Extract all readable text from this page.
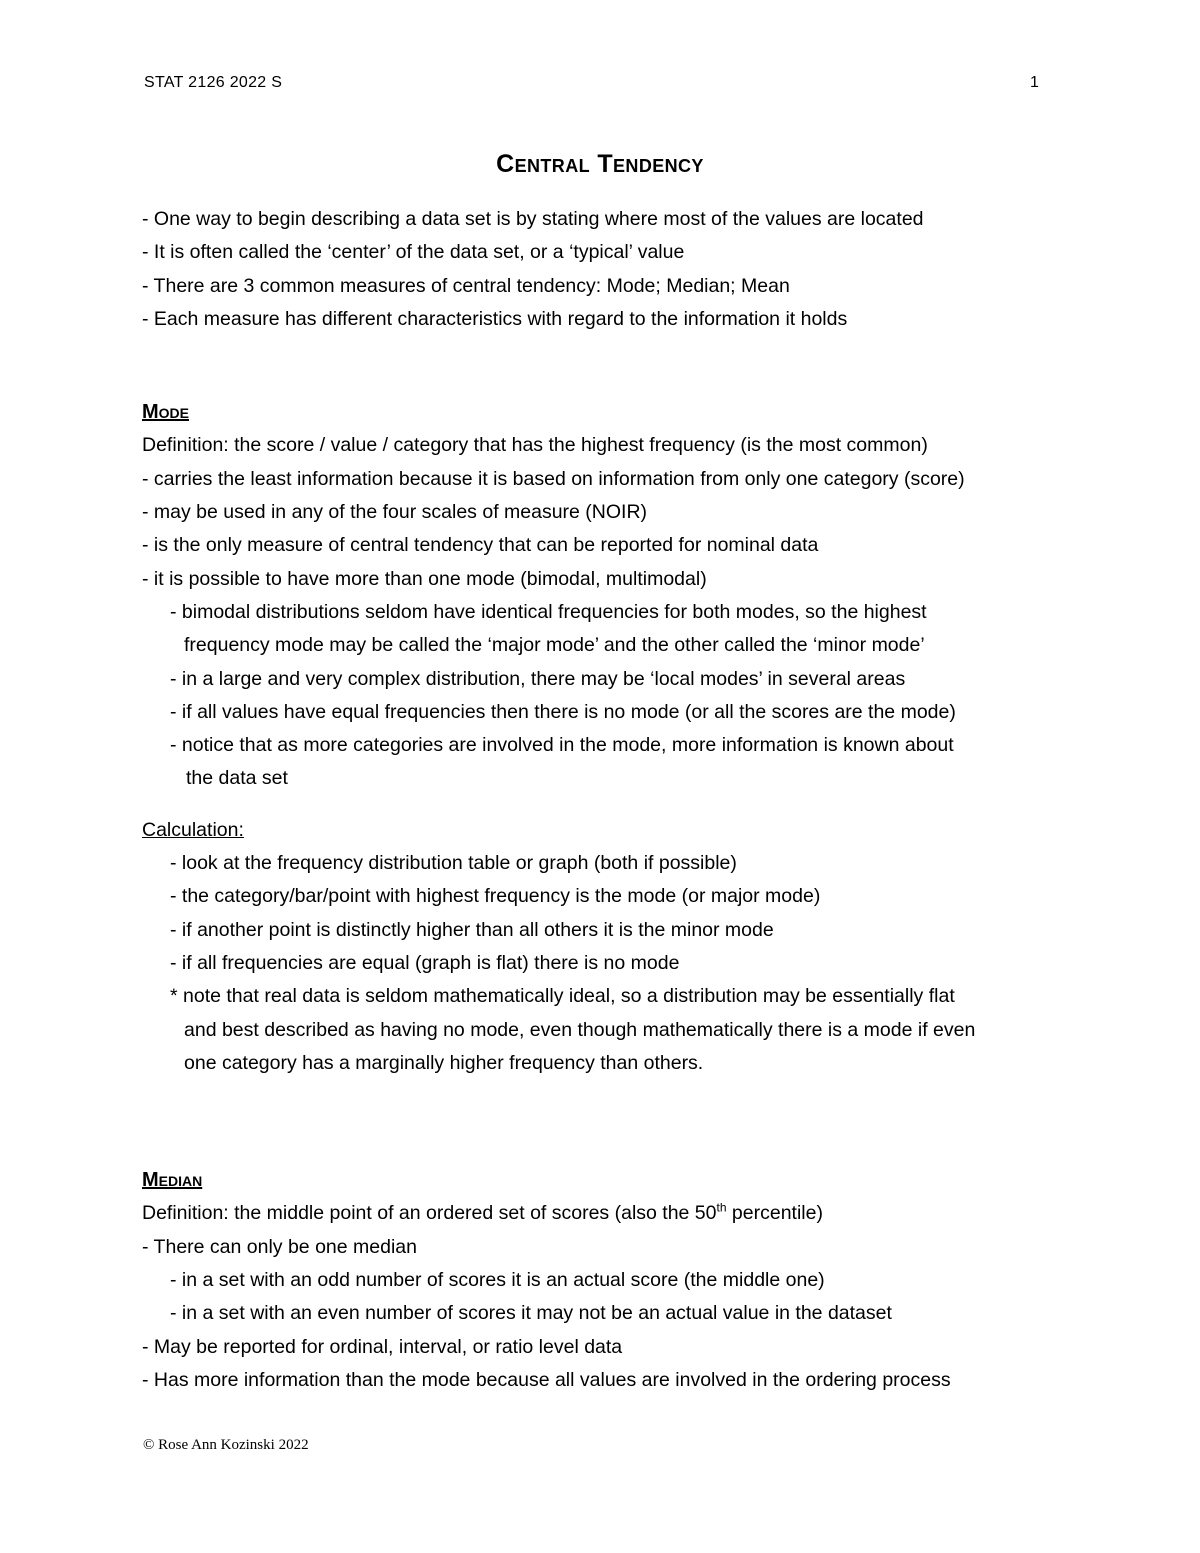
STAT 2126 2022 S	1
Central Tendency
- One way to begin describing a data set is by stating where most of the values are located
- It is often called the ‘center’ of the data set, or a ‘typical’ value
- There are 3 common measures of central tendency: Mode; Median; Mean
- Each measure has different characteristics with regard to the information it holds
Mode
Definition: the score / value / category that has the highest frequency (is the most common)
- carries the least information because it is based on information from only one category (score)
- may be used in any of the four scales of measure (NOIR)
- is the only measure of central tendency that can be reported for nominal data
- it is possible to have more than one mode (bimodal, multimodal)
- bimodal distributions seldom have identical frequencies for both modes, so the highest
frequency mode may be called the ‘major mode’ and the other called the ‘minor mode’
- in a large and very complex distribution, there may be ‘local modes’ in several areas
- if all values have equal frequencies then there is no mode (or all the scores are the mode)
- notice that as more categories are involved in the mode, more information is known about
the data set
Calculation:
- look at the frequency distribution table or graph (both if possible)
- the category/bar/point with highest frequency is the mode (or major mode)
- if another point is distinctly higher than all others it is the minor mode
- if all frequencies are equal (graph is flat) there is no mode
* note that real data is seldom mathematically ideal, so a distribution may be essentially flat
and best described as having no mode, even though mathematically there is a mode if even
one category has a marginally higher frequency than others.
Median
Definition: the middle point of an ordered set of scores (also the 50th percentile)
- There can only be one median
- in a set with an odd number of scores it is an actual score (the middle one)
- in a set with an even number of scores it may not be an actual value in the dataset
- May be reported for ordinal, interval, or ratio level data
- Has more information than the mode because all values are involved in the ordering process
© Rose Ann Kozinski 2022
